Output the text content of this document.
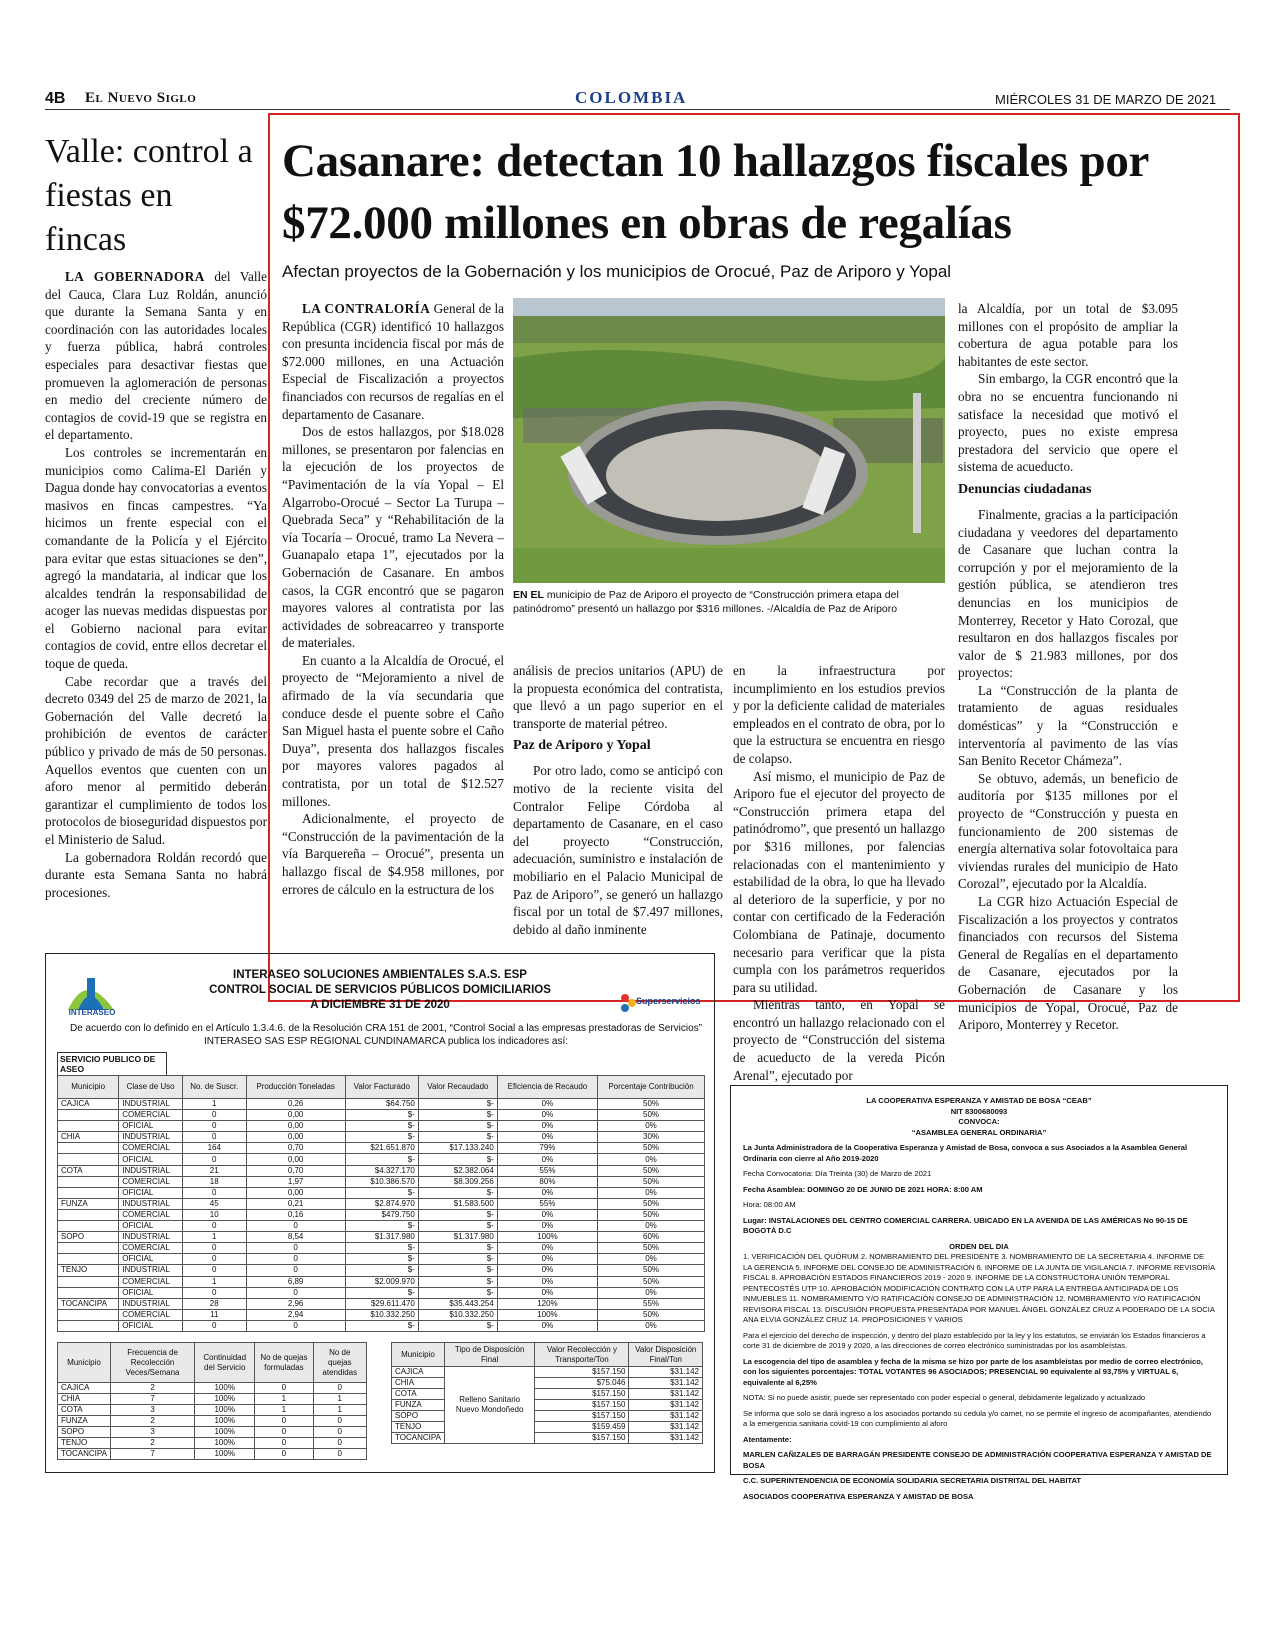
4B El Nuevo Siglo	COLOMBIA	MIÉRCOLES 31 DE MARZO DE 2021
Valle: control a fiestas en fincas

LA GOBERNADORA del Valle del Cauca, Clara Luz Roldán, anunció que durante la Semana Santa y en coordinación con las autoridades locales y fuerza pública, habrá controles especiales para desactivar fiestas que promueven la aglomeración de personas en medio del creciente número de contagios de covid-19 que se registra en el departamento.

Los controles se incrementarán en municipios como Calima-El Darién y Dagua donde hay convocatorias a eventos masivos en fincas campestres. “Ya hicimos un frente especial con el comandante de la Policía y el Ejército para evitar que estas situaciones se den”, agregó la mandataria, al indicar que los alcaldes tendrán la responsabilidad de acoger las nuevas medidas dispuestas por el Gobierno nacional para evitar contagios de covid, entre ellos decretar el toque de queda.

Cabe recordar que a través del decreto 0349 del 25 de marzo de 2021, la Gobernación del Valle decretó la prohibición de eventos de carácter público y privado de más de 50 personas. Aquellos eventos que cuenten con un aforo menor al permitido deberán garantizar el cumplimiento de todos los protocolos de bioseguridad dispuestos por el Ministerio de Salud.

La gobernadora Roldán recordó que durante esta Semana Santa no habrá procesiones.

Casanare: detectan 10 hallazgos fiscales por $72.000 millones en obras de regalías
Afectan proyectos de la Gobernación y los municipios de Orocué, Paz de Ariporo y Yopal

LA CONTRALORÍA General de la República (CGR) identificó 10 hallazgos con presunta incidencia fiscal por más de $72.000 millones, en una Actuación Especial de Fiscalización a proyectos financiados con recursos de regalías en el departamento de Casanare.

Dos de estos hallazgos, por $18.028 millones, se presentaron por falencias en la ejecución de los proyectos de “Pavimentación de la vía Yopal – El Algarrobo-Orocué – Sector La Turupa – Quebrada Seca” y “Rehabilitación de la vía Tocaría – Orocué, tramo La Nevera – Guanapalo etapa 1”, ejecutados por la Gobernación de Casanare. En ambos casos, la CGR encontró que se pagaron mayores valores al contratista por las actividades de sobreacarreo y transporte de materiales.

En cuanto a la Alcaldía de Orocué, el proyecto de “Mejoramiento a nivel de afirmado de la vía secundaria que conduce desde el puente sobre el Caño San Miguel hasta el puente sobre el Caño Duya”, presenta dos hallazgos fiscales por mayores valores pagados al contratista, por un total de $12.527 millones.

Adicionalmente, el proyecto de “Construcción de la pavimentación de la vía Barquereña – Orocué”, presenta un hallazgo fiscal de $4.958 millones, por errores de cálculo en la estructura de los

EN EL municipio de Paz de Ariporo el proyecto de “Construcción primera etapa del patinódromo” presentó un hallazgo por $316 millones. -/Alcaldía de Paz de Ariporo

análisis de precios unitarios (APU) de la propuesta económica del contratista, que llevó a un pago superior en el transporte de material pétreo.

Paz de Ariporo y Yopal

Por otro lado, como se anticipó con motivo de la reciente visita del Contralor Felipe Córdoba al departamento de Casanare, en el caso del proyecto “Construcción, adecuación, suministro e instalación de mobiliario en el Palacio Municipal de Paz de Ariporo”, se generó un hallazgo fiscal por un total de $7.497 millones, debido al daño inminente

en la infraestructura por incumplimiento en los estudios previos y por la deficiente calidad de materiales empleados en el contrato de obra, por lo que la estructura se encuentra en riesgo de colapso.

Así mismo, el municipio de Paz de Ariporo fue el ejecutor del proyecto de “Construcción primera etapa del patinódromo”, que presentó un hallazgo por $316 millones, por falencias relacionadas con el mantenimiento y estabilidad de la obra, lo que ha llevado al deterioro de la superficie, y por no contar con certificado de la Federación Colombiana de Patinaje, documento necesario para verificar que la pista cumpla con los parámetros requeridos para su utilidad.

Mientras tanto, en Yopal se encontró un hallazgo relacionado con el proyecto de “Construcción del sistema de acueducto de la vereda Picón Arenal”, ejecutado por

la Alcaldía, por un total de $3.095 millones con el propósito de ampliar la cobertura de agua potable para los habitantes de este sector.

Sin embargo, la CGR encontró que la obra no se encuentra funcionando ni satisface la necesidad que motivó el proyecto, pues no existe empresa prestadora del servicio que opere el sistema de acueducto.

Denuncias ciudadanas

Finalmente, gracias a la participación ciudadana y veedores del departamento de Casanare que luchan contra la corrupción y por el mejoramiento de la gestión pública, se atendieron tres denuncias en los municipios de Monterrey, Recetor y Hato Corozal, que resultaron en dos hallazgos fiscales por valor de $ 21.983 millones, por dos proyectos:

La “Construcción de la planta de tratamiento de aguas residuales domésticas” y la “Construcción e interventoría al pavimento de las vías San Benito Recetor Chámeza”.

Se obtuvo, además, un beneficio de auditoría por $135 millones por el proyecto de “Construcción y puesta en funcionamiento de 200 sistemas de energía alternativa solar fotovoltaica para viviendas rurales del municipio de Hato Corozal”, ejecutado por la Alcaldía.

La CGR hizo Actuación Especial de Fiscalización a los proyectos y contratos financiados con recursos del Sistema General de Regalías en el departamento de Casanare, ejecutados por la Gobernación de Casanare y los municipios de Yopal, Orocué, Paz de Ariporo, Monterrey y Recetor.

INTERASEO
Superservicios
INTERASEO SOLUCIONES AMBIENTALES S.A.S. ESP
CONTROL SOCIAL DE SERVICIOS PÚBLICOS DOMICILIARIOS
A DICIEMBRE 31 DE 2020
De acuerdo con lo definido en el Artículo 1.3.4.6. de la Resolución CRA 151 de 2001, “Control Social a las empresas prestadoras de Servicios” INTERASEO SAS ESP REGIONAL CUNDINAMARCA publica los indicadores así:
SERVICIO PUBLICO DE ASEO
Municipio	Clase de Uso	No. de Suscr.	Producción Toneladas	Valor Facturado	Valor Recaudado	Eficiencia de Recaudo	Porcentaje Contribución
CAJICA	INDUSTRIAL	1	0,26	$64.750	$-	0%	50%
	COMERCIAL	0	0,00	$-	$-	0%	50%
	OFICIAL	0	0,00	$-	$-	0%	0%
CHIA	INDUSTRIAL	0	0,00	$-	$-	0%	30%
	COMERCIAL	164	0,70	$21.651.870	$17.133.240	79%	50%
	OFICIAL	0	0,00	$-	$-	0%	0%
COTA	INDUSTRIAL	21	0,70	$4.327.170	$2.382.064	55%	50%
	COMERCIAL	18	1,97	$10.386.570	$8.309.256	80%	50%
	OFICIAL	0	0,00	$-	$-	0%	0%
FUNZA	INDUSTRIAL	45	0,21	$2.874.970	$1.583.500	55%	50%
	COMERCIAL	10	0,16	$479.750	$-	0%	50%
	OFICIAL	0	0	$-	$-	0%	0%
SOPO	INDUSTRIAL	1	8,54	$1.317.980	$1.317.980	100%	60%
	COMERCIAL	0	0	$-	$-	0%	50%
	OFICIAL	0	0	$-	$-	0%	0%
TENJO	INDUSTRIAL	0	0	$-	$-	0%	50%
	COMERCIAL	1	6,89	$2.009.970	$-	0%	50%
	OFICIAL	0	0	$-	$-	0%	0%
TOCANCIPA	INDUSTRIAL	28	2,96	$29.611.470	$35.443.254	120%	55%
	COMERCIAL	11	2,94	$10.332.250	$10.332.250	100%	50%
	OFICIAL	0	0	$-	$-	0%	0%
Municipio	Frecuencia de Recolección Veces/Semana	Continuidad del Servicio	No de quejas formuladas	No de quejas atendidas
CAJICA	2	100%	0	0
CHIA	7	100%	1	1
COTA	3	100%	1	1
FUNZA	2	100%	0	0
SOPO	3	100%	0	0
TENJO	2	100%	0	0
TOCANCIPA	7	100%	0	0
Municipio	Tipo de Disposición Final	Valor Recolección y Transporte/Ton	Valor Disposición Final/Ton
CAJICA	Relleno Sanitario Nuevo Mondoñedo	$157.150	$31.142
CHIA		$75.046	$31.142
COTA		$157.150	$31.142
FUNZA		$157.150	$31.142
SOPO		$157.150	$31.142
TENJO		$159.459	$31.142
TOCANCIPA		$157.150	$31.142
LA COOPERATIVA ESPERANZA Y AMISTAD DE BOSA “CEAB”
NIT 8300680093
CONVOCA:

“ASAMBLEA GENERAL ORDINARIA”

La Junta Administradora de la Cooperativa Esperanza y Amistad de Bosa, convoca a sus Asociados a la Asamblea General Ordinaria con cierre al Año 2019-2020

Fecha Convocatoria: Día Treinta (30) de Marzo de 2021

Fecha Asamblea: DOMINGO 20 DE JUNIO DE 2021 HORA: 8:00 AM

Hora: 08:00 AM

Lugar: INSTALACIONES DEL CENTRO COMERCIAL CARRERA. UBICADO EN LA AVENIDA DE LAS AMÉRICAS No 90-15 DE BOGOTÁ D.C

ORDEN DEL DIA

1. VERIFICACIÓN DEL QUÓRUM 2. NOMBRAMIENTO DEL PRESIDENTE 3. NOMBRAMIENTO DE LA SECRETARIA 4. INFORME DE LA GERENCIA 5. INFORME DEL CONSEJO DE ADMINISTRACIÓN 6. INFORME DE LA JUNTA DE VIGILANCIA 7. INFORME REVISORÍA FISCAL 8. APROBACIÓN ESTADOS FINANCIEROS 2019 - 2020 9. INFORME DE LA CONSTRUCTORA UNIÓN TEMPORAL PENTECOSTÉS UTP 10. APROBACIÓN MODIFICACIÓN CONTRATO CON LA UTP PARA LA ENTREGA ANTICIPADA DE LOS INMUEBLES 11. NOMBRAMIENTO Y/O RATIFICACIÓN CONSEJO DE ADMINISTRACIÓN 12. NOMBRAMIENTO Y/O RATIFICACIÓN REVISORA FISCAL 13. DISCUSIÓN PROPUESTA PRESENTADA POR MANUEL ÁNGEL GONZÁLEZ CRUZ A PODERADO DE LA SOCIA ANA ELVIA GONZÁLEZ CRUZ 14. PROPOSICIONES Y VARIOS

Para el ejercicio del derecho de inspección, y dentro del plazo establecido por la ley y los estatutos, se enviarán los Estados financieros a corte 31 de diciembre de 2019 y 2020, a las direcciones de correo electrónico suministradas por los asambleístas.

La escogencia del tipo de asamblea y fecha de la misma se hizo por parte de los asambleístas por medio de correo electrónico, con los siguientes porcentajes: TOTAL VOTANTES 96 ASOCIADOS; PRESENCIAL 90 equivalente al 93,75% y VIRTUAL 6, equivalente al 6,25%

NOTA: Si no puede asistir, puede ser representado con poder especial o general, debidamente legalizado y actualizado

Se informa que solo se dará ingreso a los asociados portando su cedula y/o carnet, no se permite el ingreso de acompañantes, atendiendo a la emergencia sanitaria covid-19 con cumplimiento al aforo

Atentamente:

MARLEN CAÑIZALES DE BARRAGÁN PRESIDENTE CONSEJO DE ADMINISTRACIÓN COOPERATIVA ESPERANZA Y AMISTAD DE BOSA

C.C. SUPERINTENDENCIA DE ECONOMÍA SOLIDARIA SECRETARIA DISTRITAL DEL HABITAT

ASOCIADOS COOPERATIVA ESPERANZA Y AMISTAD DE BOSA
